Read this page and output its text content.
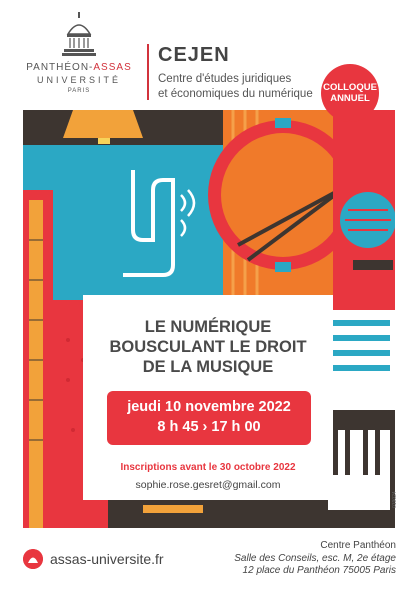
PANTHÉON-ASSAS
UNIVERSITÉ
PARIS
CEJEN
Centre d'études juridiques
et économiques du numérique
COLLOQUE
ANNUEL
LE NUMÉRIQUE
BOUSCULANT LE DROIT
DE LA MUSIQUE
jeudi 10 novembre 2022
8 h 45 › 17 h 00
Inscriptions avant le 30 octobre 2022
sophie.rose.gesret@gmail.com
019024
assas-universite.fr
Centre Panthéon
Salle des Conseils, esc. M, 2e étage
12 place du Panthéon 75005 Paris
